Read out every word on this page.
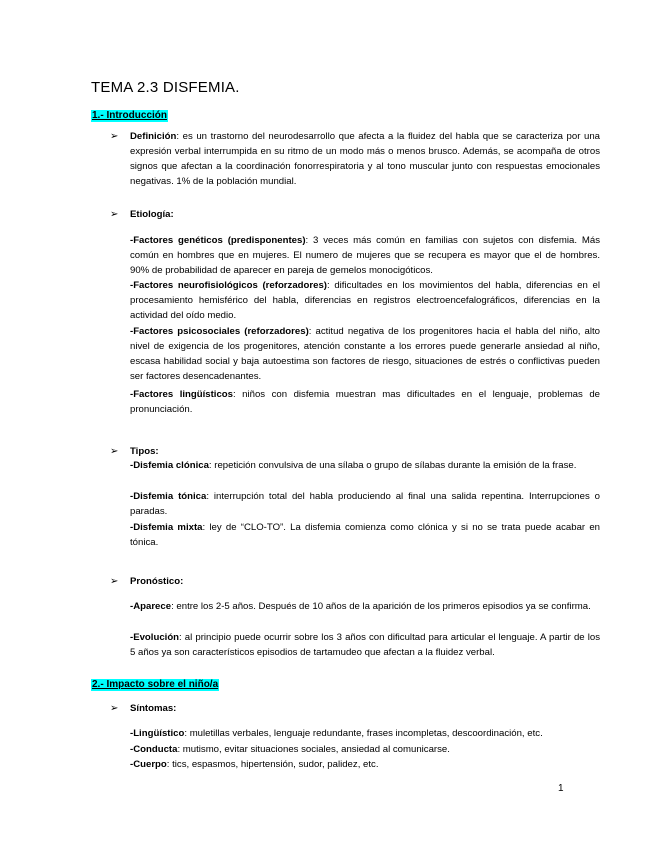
TEMA 2.3 DISFEMIA.
1.- Introducción
➢ Definición: es un trastorno del neurodesarrollo que afecta a la fluidez del habla que se caracteriza por una expresión verbal interrumpida en su ritmo de un modo más o menos brusco. Además, se acompaña de otros signos que afectan a la coordinación fonorrespiratoria y al tono muscular junto con respuestas emocionales negativas. 1% de la población mundial.
➢ Etiología:
-Factores genéticos (predisponentes): 3 veces más común en familias con sujetos con disfemia. Más común en hombres que en mujeres. El numero de mujeres que se recupera es mayor que el de hombres. 90% de probabilidad de aparecer en pareja de gemelos monocigóticos.
-Factores neurofisiológicos (reforzadores): dificultades en los movimientos del habla, diferencias en el procesamiento hemisférico del habla, diferencias en registros electroencefalográficos, diferencias en la actividad del oído medio.
-Factores psicosociales (reforzadores): actitud negativa de los progenitores hacia el habla del niño, alto nivel de exigencia de los progenitores, atención constante a los errores puede generarle ansiedad al niño, escasa habilidad social y baja autoestima son factores de riesgo, situaciones de estrés o conflictivas pueden ser factores desencadenantes.
-Factores lingüísticos: niños con disfemia muestran mas dificultades en el lenguaje, problemas de pronunciación.
➢ Tipos:
-Disfemia clónica: repetición convulsiva de una sílaba o grupo de sílabas durante la emisión de la frase.
-Disfemia tónica: interrupción total del habla produciendo al final una salida repentina. Interrupciones o paradas.
-Disfemia mixta: ley de “CLO-TO”. La disfemia comienza como clónica y si no se trata puede acabar en tónica.
➢ Pronóstico:
-Aparece: entre los 2-5 años. Después de 10 años de la aparición de los primeros episodios ya se confirma.
-Evolución: al principio puede ocurrir sobre los 3 años con dificultad para articular el lenguaje. A partir de los 5 años ya son característicos episodios de tartamudeo que afectan a la fluidez verbal.
2.- Impacto sobre el niño/a
➢ Síntomas:
-Lingüístico: muletillas verbales, lenguaje redundante, frases incompletas, descoordinación, etc.
-Conducta: mutismo, evitar situaciones sociales, ansiedad al comunicarse.
-Cuerpo: tics, espasmos, hipertensión, sudor, palidez, etc.
1
